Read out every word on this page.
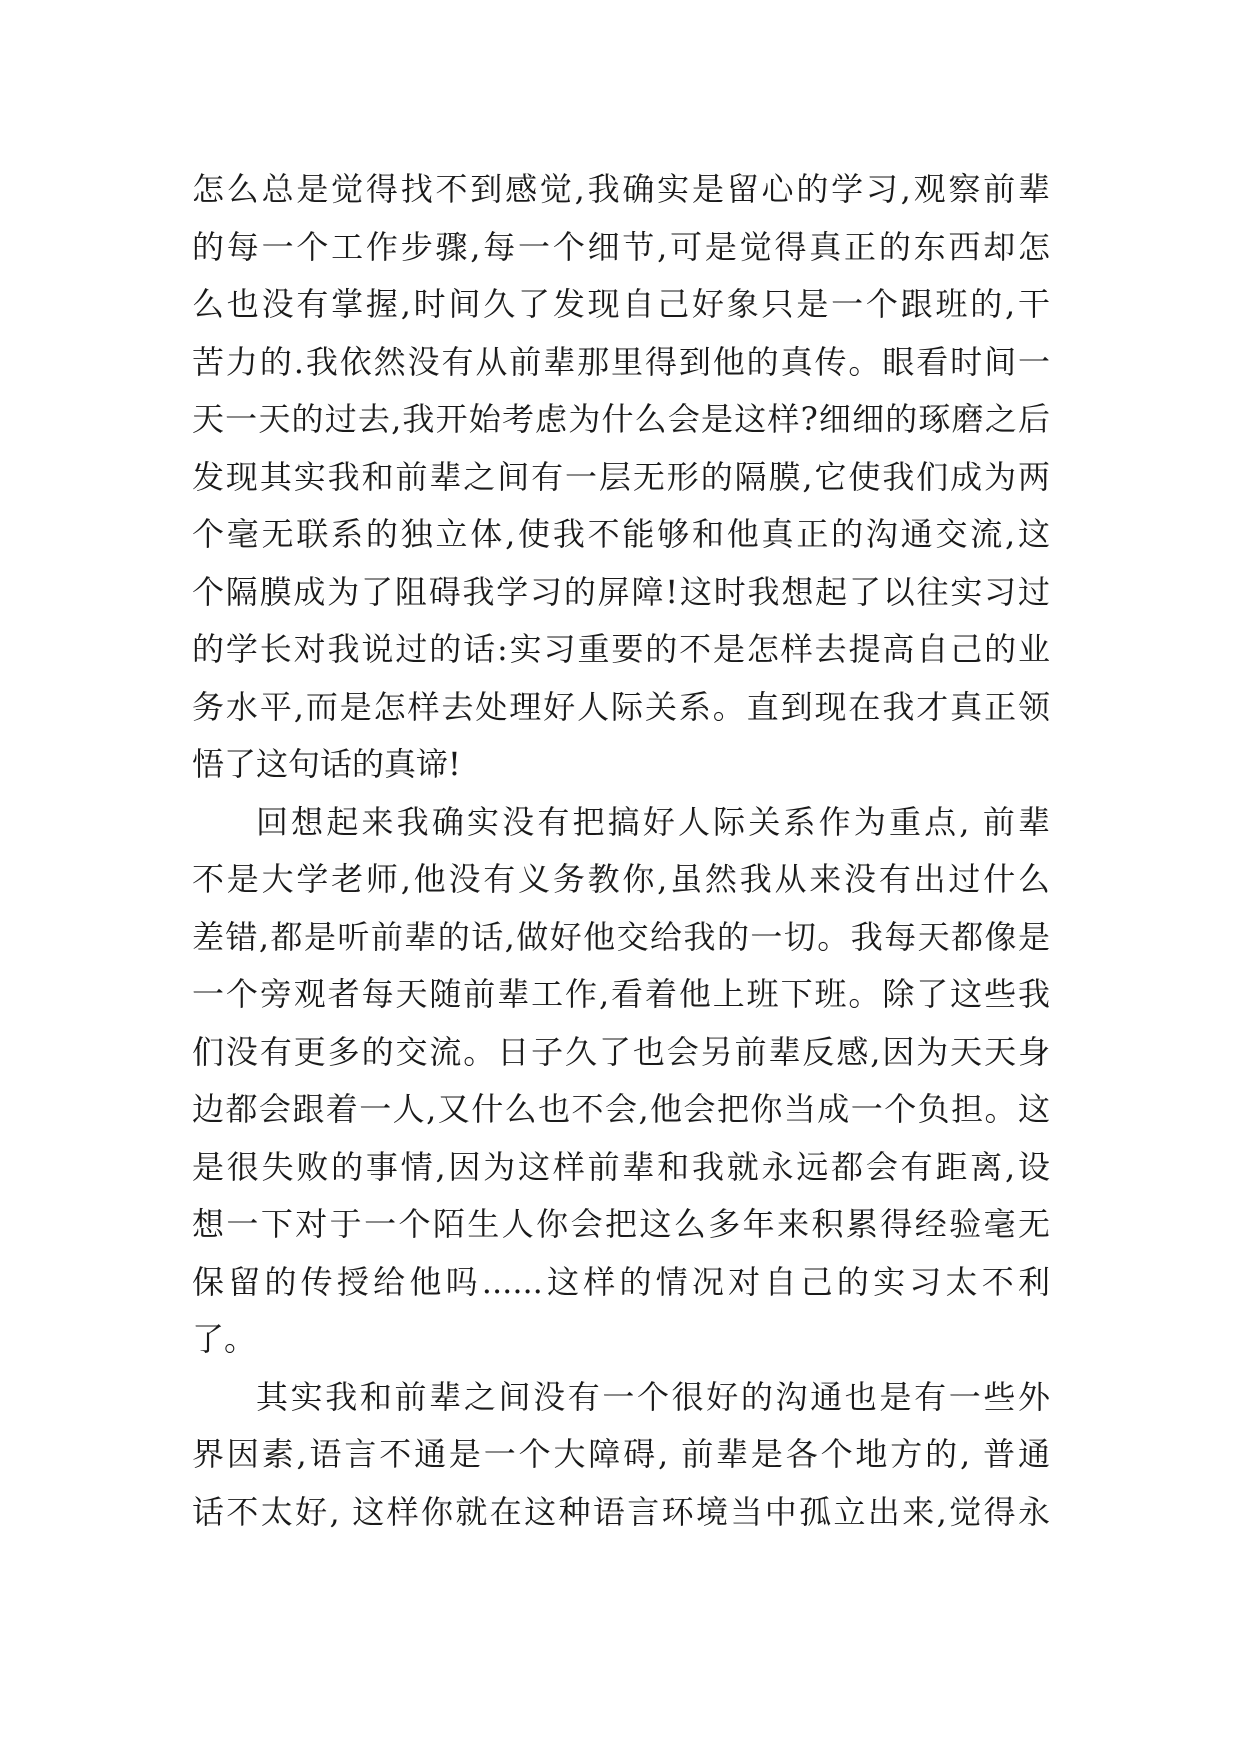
怎么总是觉得找不到感觉,我确实是留心的学习,观察前辈
的每一个工作步骤,每一个细节,可是觉得真正的东西却怎
么也没有掌握,时间久了发现自己好象只是一个跟班的,干
苦力的.我依然没有从前辈那里得到他的真传。眼看时间一
天一天的过去,我开始考虑为什么会是这样?细细的琢磨之后
发现其实我和前辈之间有一层无形的隔膜,它使我们成为两
个毫无联系的独立体,使我不能够和他真正的沟通交流,这
个隔膜成为了阻碍我学习的屏障!这时我想起了以往实习过
的学长对我说过的话:实习重要的不是怎样去提高自己的业
务水平,而是怎样去处理好人际关系。直到现在我才真正领
悟了这句话的真谛!
回想起来我确实没有把搞好人际关系作为重点, 前辈
不是大学老师,他没有义务教你,虽然我从来没有出过什么
差错,都是听前辈的话,做好他交给我的一切。我每天都像是
一个旁观者每天随前辈工作,看着他上班下班。除了这些我
们没有更多的交流。日子久了也会另前辈反感,因为天天身
边都会跟着一人,又什么也不会,他会把你当成一个负担。这
是很失败的事情,因为这样前辈和我就永远都会有距离,设
想一下对于一个陌生人你会把这么多年来积累得经验毫无
保留的传授给他吗......这样的情况对自己的实习太不利
了。
其实我和前辈之间没有一个很好的沟通也是有一些外
界因素,语言不通是一个大障碍, 前辈是各个地方的, 普通
话不太好, 这样你就在这种语言环境当中孤立出来,觉得永
